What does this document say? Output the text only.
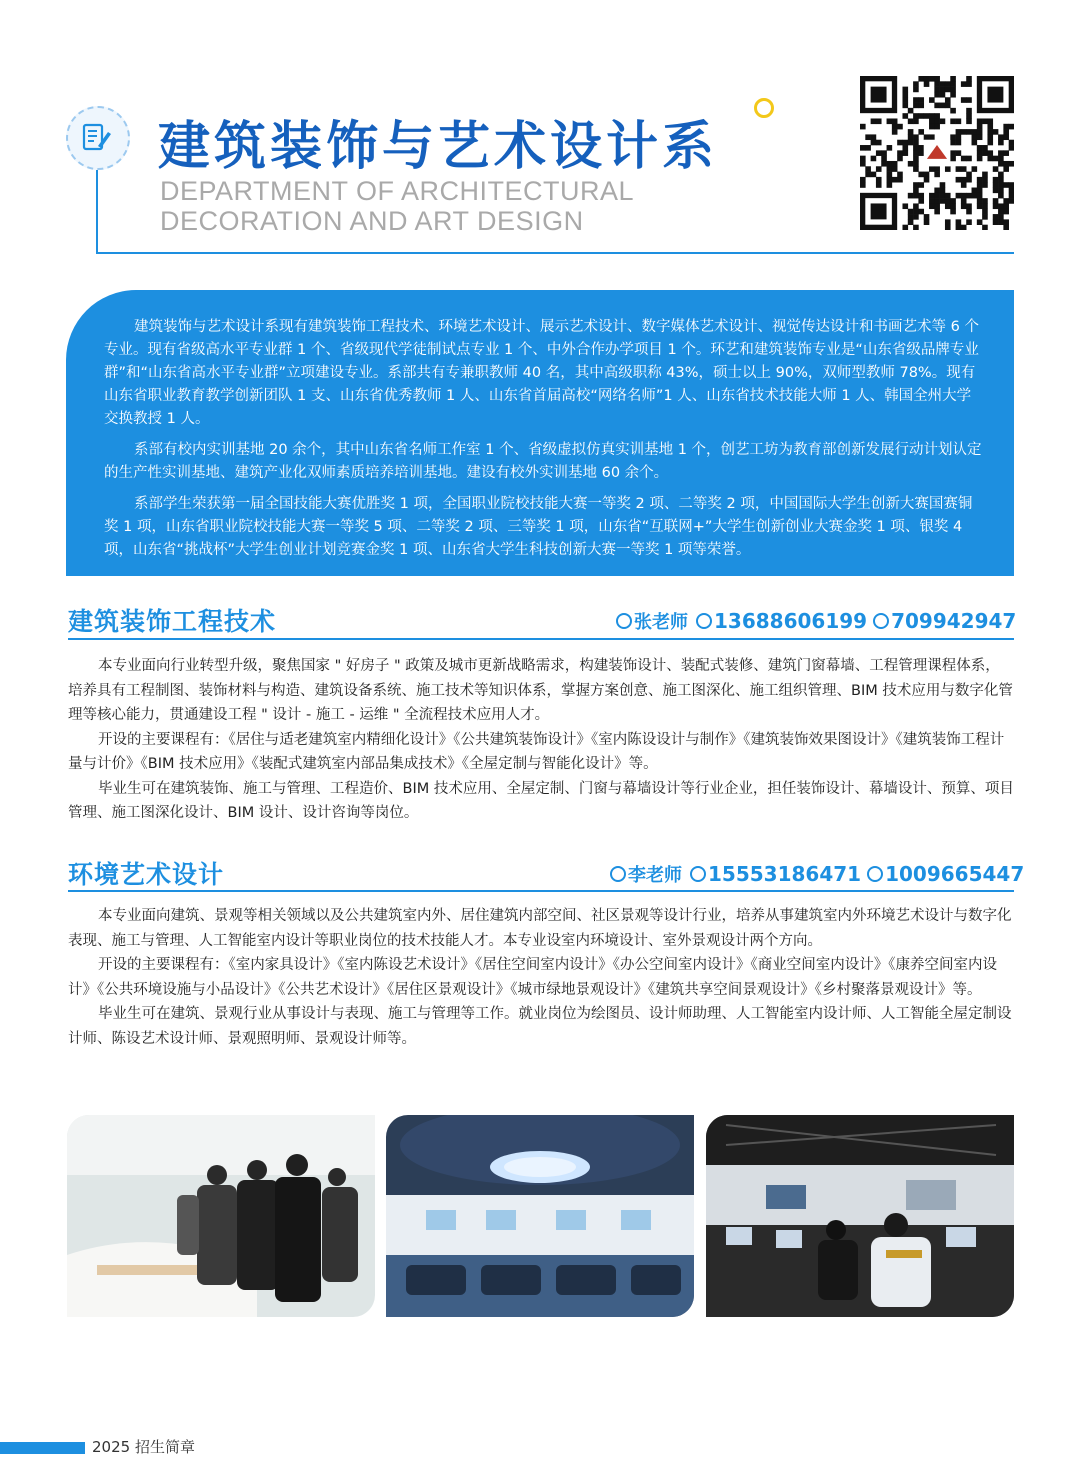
建筑装饰与艺术设计系
DEPARTMENT OF ARCHITECTURAL
DECORATION AND ART DESIGN

建筑装饰与艺术设计系现有建筑装饰工程技术、环境艺术设计、展示艺术设计、数字媒体艺术设计、视觉传达设计和书画艺术等 6 个专业。现有省级高水平专业群 1 个、省级现代学徒制试点专业 1 个、中外合作办学项目 1 个。环艺和建筑装饰专业是“山东省级品牌专业群”和“山东省高水平专业群”立项建设专业。系部共有专兼职教师 40 名，其中高级职称 43%，硕士以上 90%，双师型教师 78%。现有山东省职业教育教学创新团队 1 支、山东省优秀教师 1 人、山东省首届高校“网络名师”1 人、山东省技术技能大师 1 人、韩国全州大学交换教授 1 人。

系部有校内实训基地 20 余个，其中山东省名师工作室 1 个、省级虚拟仿真实训基地 1 个，创艺工坊为教育部创新发展行动计划认定的生产性实训基地、建筑产业化双师素质培养培训基地。建设有校外实训基地 60 余个。

系部学生荣获第一届全国技能大赛优胜奖 1 项，全国职业院校技能大赛一等奖 2 项、二等奖 2 项，中国国际大学生创新大赛国赛铜奖 1 项，山东省职业院校技能大赛一等奖 5 项、二等奖 2 项、三等奖 1 项，山东省“互联网+”大学生创新创业大赛金奖 1 项、银奖 4 项，山东省“挑战杯”大学生创业计划竞赛金奖 1 项、山东省大学生科技创新大赛一等奖 1 项等荣誉。

建筑装饰工程技术	张老师 13688606199 709942947

本专业面向行业转型升级，聚焦国家 " 好房子 " 政策及城市更新战略需求，构建装饰设计、装配式装修、建筑门窗幕墙、工程管理课程体系，培养具有工程制图、装饰材料与构造、建筑设备系统、施工技术等知识体系，掌握方案创意、施工图深化、施工组织管理、BIM 技术应用与数字化管理等核心能力，贯通建设工程 " 设计 - 施工 - 运维 " 全流程技术应用人才。

开设的主要课程有：《居住与适老建筑室内精细化设计》《公共建筑装饰设计》《室内陈设设计与制作》《建筑装饰效果图设计》《建筑装饰工程计量与计价》《BIM 技术应用》《装配式建筑室内部品集成技术》《全屋定制与智能化设计》等。

毕业生可在建筑装饰、施工与管理、工程造价、BIM 技术应用、全屋定制、门窗与幕墙设计等行业企业，担任装饰设计、幕墙设计、预算、项目管理、施工图深化设计、BIM 设计、设计咨询等岗位。

环境艺术设计	李老师 15553186471 1009665447

本专业面向建筑、景观等相关领域以及公共建筑室内外、居住建筑内部空间、社区景观等设计行业，培养从事建筑室内外环境艺术设计与数字化表现、施工与管理、人工智能室内设计等职业岗位的技术技能人才。本专业设室内环境设计、室外景观设计两个方向。

开设的主要课程有：《室内家具设计》《室内陈设艺术设计》《居住空间室内设计》《办公空间室内设计》《商业空间室内设计》《康养空间室内设计》《公共环境设施与小品设计》《公共艺术设计》《居住区景观设计》《城市绿地景观设计》《建筑共享空间景观设计》《乡村聚落景观设计》等。

毕业生可在建筑、景观行业从事设计与表现、施工与管理等工作。就业岗位为绘图员、设计师助理、人工智能室内设计师、人工智能全屋定制设计师、陈设艺术设计师、景观照明师、景观设计师等。

2025 招生简章
